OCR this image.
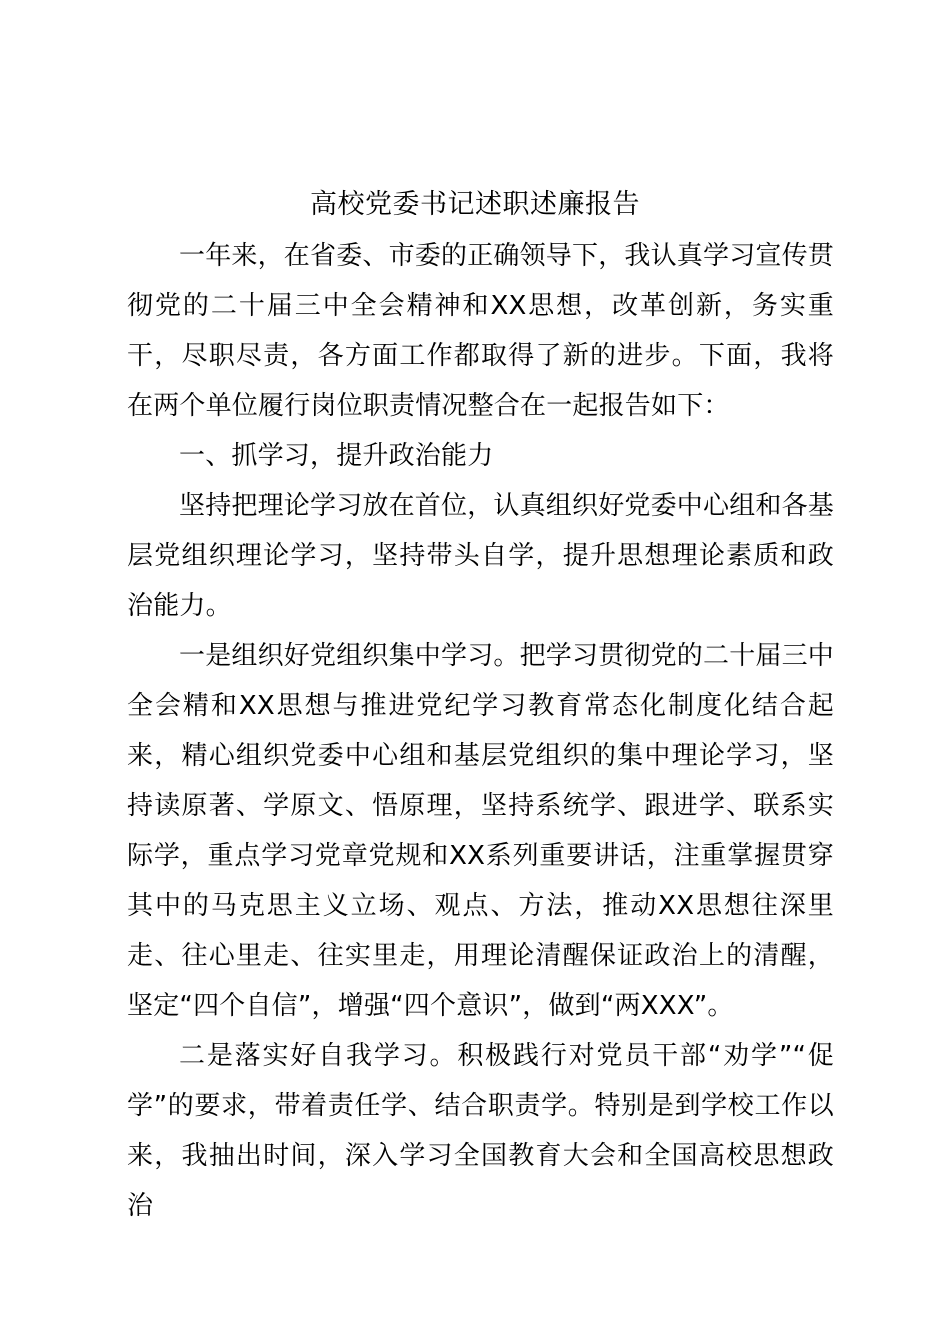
高校党委书记述职述廉报告

一年来，在省委、市委的正确领导下，我认真学习宣传贯彻党的二十届三中全会精神和XX思想，改革创新，务实重干，尽职尽责，各方面工作都取得了新的进步。下面，我将在两个单位履行岗位职责情况整合在一起报告如下：

一、抓学习，提升政治能力

坚持把理论学习放在首位，认真组织好党委中心组和各基层党组织理论学习，坚持带头自学，提升思想理论素质和政治能力。

一是组织好党组织集中学习。把学习贯彻党的二十届三中全会精和XX思想与推进党纪学习教育常态化制度化结合起来，精心组织党委中心组和基层党组织的集中理论学习，坚持读原著、学原文、悟原理，坚持系统学、跟进学、联系实际学，重点学习党章党规和XX系列重要讲话，注重掌握贯穿其中的马克思主义立场、观点、方法，推动XX思想往深里走、往心里走、往实里走，用理论清醒保证政治上的清醒，坚定“四个自信”，增强“四个意识”，做到“两XXX”。

二是落实好自我学习。积极践行对党员干部“劝学”“促学”的要求，带着责任学、结合职责学。特别是到学校工作以来，我抽出时间，深入学习全国教育大会和全国高校思想政治
